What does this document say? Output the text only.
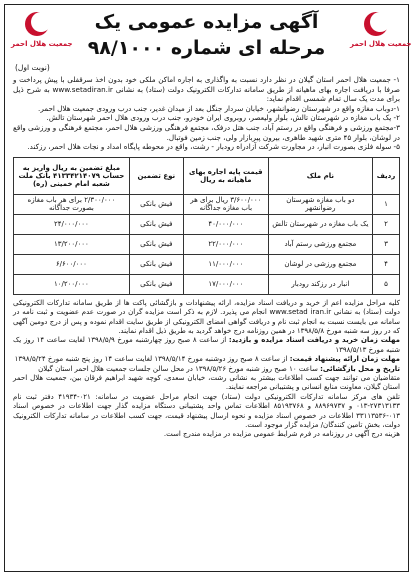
جمعیت هلال احمر	جمعیت هلال احمر
آگهی مزایده عمومی یک
مرحله ای شماره ۹۸/۱۰۰۰
(نوبت اول)

۱- جمعیت هلال احمر استان گیلان در نظر دارد نسبت به واگذاری به اجاره اماکن ملکی خود بدون اخذ سرقفلی با پیش پرداخت و صرفا با دریافت اجاره بهای ماهیانه از طریق سامانه تدارکات الکترونیک دولت (ستاد) به نشانی www.setadiran.ir به شرح ذیل برای مدت یک سال تمام شمسی اقدام نماید:

۱-دوباب مغازه واقع در شهرستان رضوانشهر، خیابان سردار جنگل بعد از میدان غدیر، جنب درب ورودی جمعیت هلال احمر.

۲- یک باب مغازه در شهرستان تالش، بلوار ولیعصر، روبروی ایران خودرو، جنب درب ورودی هلال احمر شهرستان تالش.

۳-مجتمع ورزشی و فرهنگی واقع در رستم آباد، جنب هتل درفک، مجتمع فرهنگی ورزشی هلال احمر، مجتمع فرهنگی و ورزشی واقع در لوشان، بلوار ۴۵ متری شهید طاهری، بیرون پیربازار ولی، جنب زمین فوتبال.

۵- سوله فلزی بصورت انبار، در مجاورت شرکت آزادراه رودبار - رشت، واقع در محوطه پایگاه امداد و نجات هلال احمر، رزکند.

ردیف	نام ملک	قیمت پایه اجاره بهای ماهیانه به ریال	نوع تضمین	مبلغ تضمین به ریال واریز به حساب ۴۱۳۳۴۲۱۴۰۷۹ بانک ملت شعبه امام خمینی (ره)
۱	دو باب مغازه شهرستان رضوانشهر	۳/۶۰۰/۰۰۰ ریال برای هر باب مغازه جداگانه	فیش بانکی	۲/۳۰۰/۰۰۰ برای هر باب مغازه بصورت جداگانه
۲	یک باب مغازه در شهرستان تالش	۴۰/۰۰۰/۰۰۰	فیش بانکی	۲۴/۰۰۰/۰۰۰
۳	مجتمع ورزشی رستم آباد	۲۲/۰۰۰/۰۰۰	فیش بانکی	۱۳/۲۰۰/۰۰۰
۴	مجتمع ورزشی در لوشان	۱۱/۰۰۰/۰۰۰	فیش بانکی	۶/۶۰۰/۰۰۰
۵	انبار در رزکند رودبار	۱۷/۰۰۰/۰۰۰	فیش بانکی	۱۰/۲۰۰/۰۰۰

کلیه مراحل مزایده اعم از خرید و دریافت اسناد مزایده، ارائه پیشنهادات و بازگشائی پاکت ها از طریق سامانه تدارکات الکترونیکی دولت (ستاد) به نشانی www.setad iran.ir انجام می پذیرد. لازم به ذکر است مزایده گران در صورت عدم عضویت و ثبت نامه در سامانه می بایست نسبت به انجام ثبت نام و دریافت گواهی امضای الکترونیکی از طریق سایت اقدام نموده و پس از درج دومین آگهی که در روز سه شنبه مورخ ۱۳۹۸/۵/۸ در همین روزنامه درج خواهد گردید به طریق ذیل اقدام نمایند.

مهلت زمان خرید و دریافت اسناد مزایده و بازدید: از ساعت ۸ صبح روز چهارشنبه مورخ ۱۳۹۸/۵/۹ لغایت ساعت ۱۴ روز یک شنبه مورخ ۱۳۹۸/۵/۱۳

مهلت زمان ارائه پیشنهاد قیمت: از ساعت ۸ صبح روز دوشنبه مورخ ۱۳۹۸/۵/۱۴ لغایت ساعت ۱۴ روز پنج شنبه مورخ ۱۳۹۸/۵/۲۴

تاریخ و محل بازگشائی: ساعت ۱۰ صبح روز شنبه مورخ ۱۳۹۸/۵/۲۶ در محل سالن جلسات جمعیت هلال احمر استان گیلان

متقاضیان می توانند جهت کسب اطلاعات بیشتر به نشانی رشت، خیابان سعدی، کوچه شهید ابراهیم فرقان بین، جمعیت هلال احمر استان گیلان، معاونت منابع انسانی و پشتیبانی مراجعه نمایند.

تلفن های مرکز سامانه تدارکات الکترونیکی دولت (ستاد) جهت انجام مراحل عضویت در سامانه: ۰۲۱-۴۱۹۳۴ دفتر ثبت نام ۲۷۳۱۳۱۳۳-۰۱۳ و ۸۸۹۶۹۷۳۷ و ۸۵۱۹۳۷۶۸ اطلاعات تماس واحد پشتیبانی دستگاه مزایده گذار جهت اطلاعات در خصوص اسناد ۰۱۳-۳۳۱۱۳۵۳۶ اطلاعات در خصوص اسناد مزایده و نحوه ارسال پیشنهاد قیمت، جهت کسب اطلاعات در سامانه تدارکات الکترونیک دولت، بخش تامین کنندگان/ مزایده گزار موجود است.

هزینه درج آگهی در روزنامه در فرم شرایط عمومی مزایده در مزایده مندرج است.
